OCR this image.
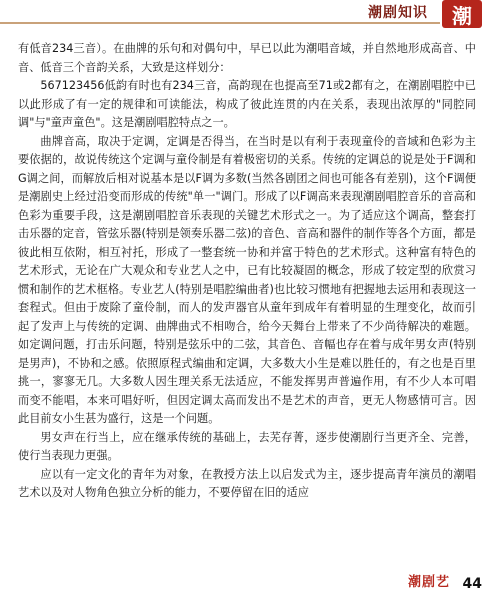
潮剧知识 潮

有低音234三音）。在曲牌的乐句和对偶句中，早已以此为潮唱音域，并自然地形成高音、中音、低音三个音韵关系，大致是这样划分：

567123456低韵有时也有234三音，高韵现在也提高至71或2都有之，在潮剧唱腔中已以此形成了有一定的规律和可读能法，构成了彼此连贯的内在关系，表现出浓厚的"同腔同调"与"童声童色"。这是潮剧唱腔特点之一。

曲牌音高，取决于定调，定调是否得当，在当时是以有利于表现童伶的音域和色彩为主要依据的，故说传统这个定调与童伶制是有着极密切的关系。传统的定调总的说是处于F调和G调之间，而解放后相对说基本是以F调为多数(当然各剧团之间也可能各有差别)，这个F调便是潮剧史上经过沿变而形成的传统"单一"调门。形成了以F调高来表现潮剧唱腔音乐的音高和色彩为重要手段，这是潮剧唱腔音乐表现的关键艺术形式之一。为了适应这个调高，整套打击乐器的定音，管弦乐器(特别是领奏乐器二弦)的音色、音高和器件的制作等各个方面，都是彼此相互依附，相互衬托，形成了一整套统一协和并富于特色的艺术形式。这种富有特色的艺术形式，无论在广大观众和专业艺人之中，已有比较凝固的概念，形成了较定型的欣赏习惯和制作的艺术框格。专业艺人(特别是唱腔编曲者)也比较习惯地有把握地去运用和表现这一套程式。但由于废除了童伶制，而人的发声器官从童年到成年有着明显的生理变化，故而引起了发声上与传统的定调、曲牌曲式不相吻合，给今天舞台上带来了不少尚待解决的难题。如定调问题，打击乐问题，特别是弦乐中的二弦，其音色、音幅也存在着与成年男女声(特别是男声)，不协和之感。依照原程式编曲和定调，大多数大小生是难以胜任的，有之也是百里挑一，寥寥无几。大多数人因生理关系无法适应，不能发挥男声普遍作用，有不少人本可唱而变不能唱，本来可唱好听，但因定调太高而发出不是艺术的声音，更无人物感情可言。因此目前女小生甚为盛行，这是一个问题。

男女声在行当上，应在继承传统的基础上，去芜存菁，逐步使潮剧行当更齐全、完善，使行当表现力更强。

应以有一定文化的青年为对象，在教授方法上以启发式为主，逐步提高青年演员的潮唱艺术以及对人物角色独立分析的能力，不要停留在旧的适应

潮剧艺 44
